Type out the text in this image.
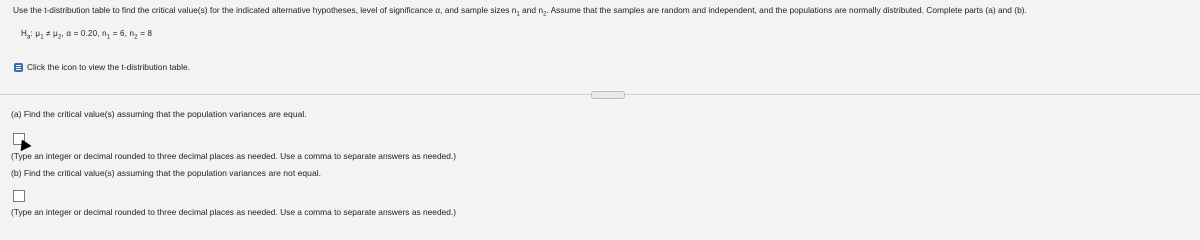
Use the t-distribution table to find the critical value(s) for the indicated alternative hypotheses, level of significance α, and sample sizes $n_1$ and $n_2$. Assume that the samples are random and independent, and the populations are normally distributed. Complete parts (a) and (b).
$H_a$: $\mu_1 \ne \mu_2$, α = 0.20, $n_1 = 6$, $n_2 = 8$
Click the icon to view the t-distribution table.
(a) Find the critical value(s) assuming that the population variances are equal.
(Type an integer or decimal rounded to three decimal places as needed. Use a comma to separate answers as needed.)
(b) Find the critical value(s) assuming that the population variances are not equal.
(Type an integer or decimal rounded to three decimal places as needed. Use a comma to separate answers as needed.)
